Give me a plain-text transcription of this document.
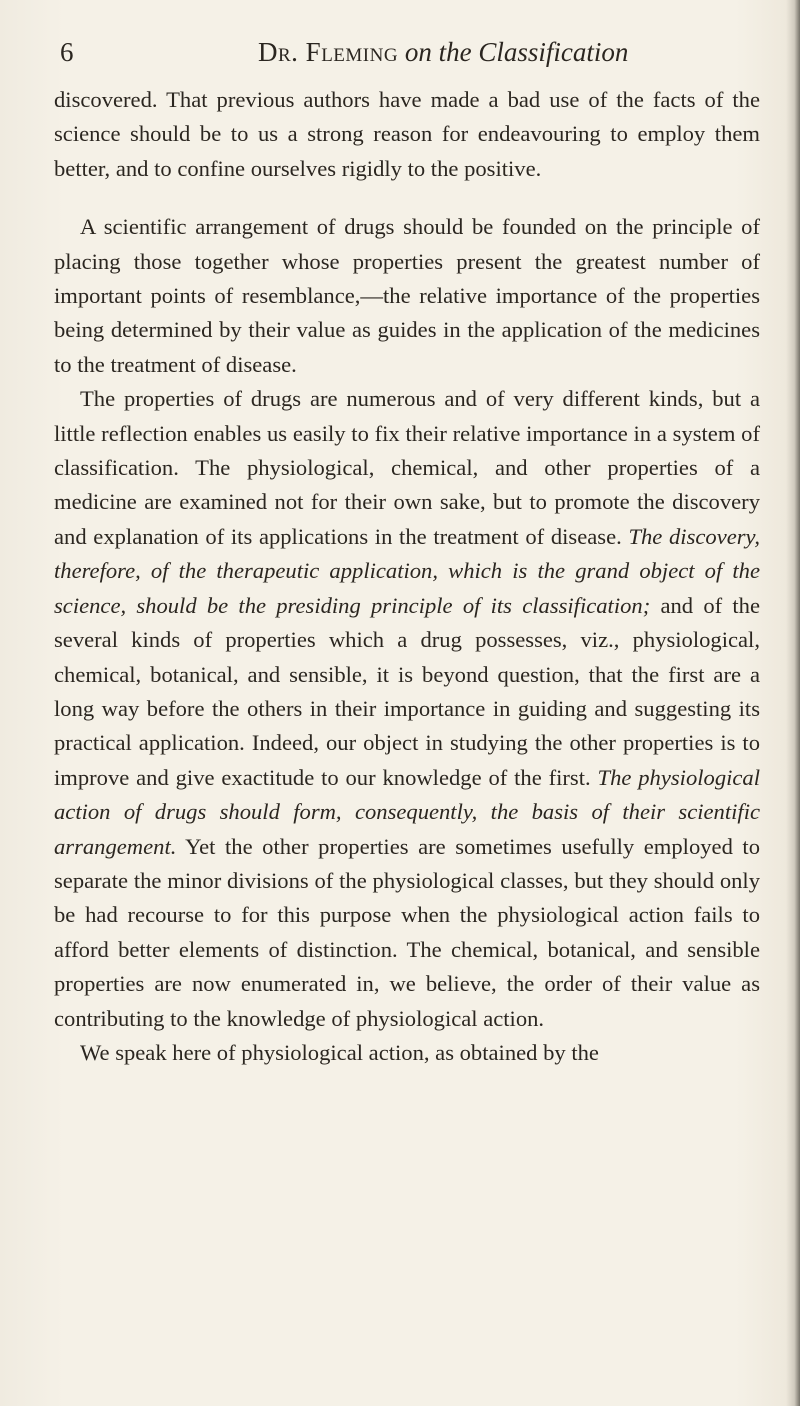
6	Dr. Fleming on the Classification

discovered. That previous authors have made a bad use of the facts of the science should be to us a strong reason for endeavouring to employ them better, and to confine ourselves rigidly to the positive.

A scientific arrangement of drugs should be founded on the principle of placing those together whose properties present the greatest number of important points of resemblance,—the relative importance of the properties being determined by their value as guides in the application of the medicines to the treatment of disease.

The properties of drugs are numerous and of very different kinds, but a little reflection enables us easily to fix their relative importance in a system of classification. The physiological, chemical, and other properties of a medicine are examined not for their own sake, but to promote the discovery and explanation of its applications in the treatment of disease. The discovery, therefore, of the therapeutic application, which is the grand object of the science, should be the presiding principle of its classification; and of the several kinds of properties which a drug possesses, viz., physiological, chemical, botanical, and sensible, it is beyond question, that the first are a long way before the others in their importance in guiding and suggesting its practical application. Indeed, our object in studying the other properties is to improve and give exactitude to our knowledge of the first. The physiological action of drugs should form, consequently, the basis of their scientific arrangement. Yet the other properties are sometimes usefully employed to separate the minor divisions of the physiological classes, but they should only be had recourse to for this purpose when the physiological action fails to afford better elements of distinction. The chemical, botanical, and sensible properties are now enumerated in, we believe, the order of their value as contributing to the knowledge of physiological action.

We speak here of physiological action, as obtained by the
